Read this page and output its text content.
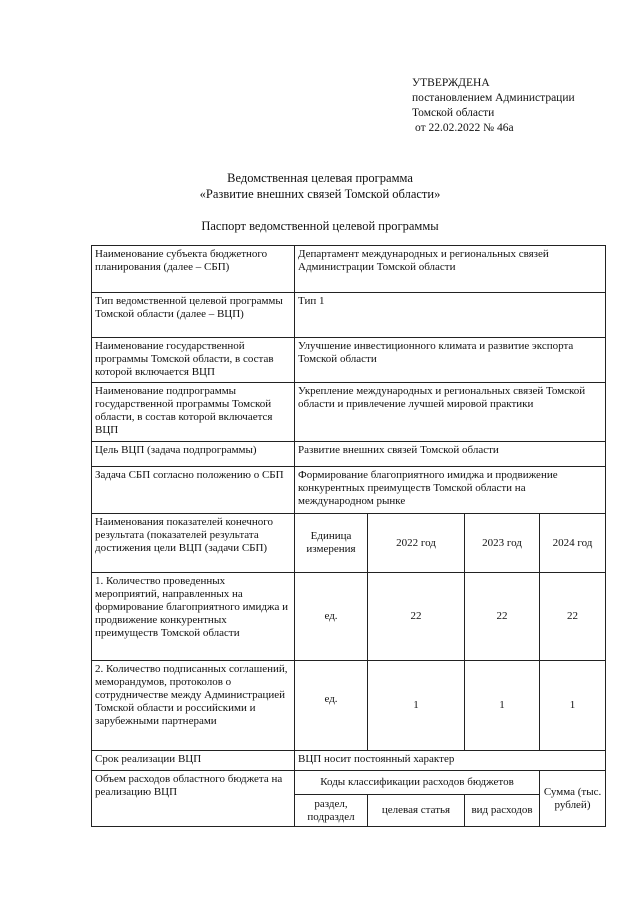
УТВЕРЖДЕНА
постановлением Администрации
Томской области
от 22.02.2022 № 46а
Ведомственная целевая программа
«Развитие внешних связей Томской области»
Паспорт ведомственной целевой программы
Наименование субъекта бюджетного планирования (далее – СБП)	Департамент международных и региональных связей Администрации Томской области			
Тип ведомственной целевой программы Томской области (далее – ВЦП)	Тип 1			
Наименование государственной программы Томской области, в состав которой включается ВЦП	Улучшение инвестиционного климата и развитие экспорта Томской области			
Наименование подпрограммы государственной программы Томской области, в состав которой включается ВЦП	Укрепление международных и региональных связей Томской области и привлечение лучшей мировой практики			
Цель ВЦП (задача подпрограммы)	Развитие внешних связей Томской области			
Задача СБП согласно положению о СБП	Формирование благоприятного имиджа и продвижение конкурентных преимуществ Томской области на международном рынке			
Наименования показателей конечного результата (показателей результата достижения цели ВЦП (задачи СБП)	Единица измерения	2022 год	2023 год	2024 год
1. Количество проведенных мероприятий, направленных на формирование благоприятного имиджа и продвижение конкурентных преимуществ Томской области	ед.	22	22	22
2. Количество подписанных соглашений, меморандумов, протоколов о сотрудничестве между Администрацией Томской области и российскими и зарубежными партнерами	ед.	1	1	1
Срок реализации ВЦП	ВЦП носит постоянный характер			
Объем расходов областного бюджета на реализацию ВЦП	Коды классификации расходов бюджетов			Сумма (тыс. рублей)
	раздел, подраздел	целевая статья	вид расходов	
